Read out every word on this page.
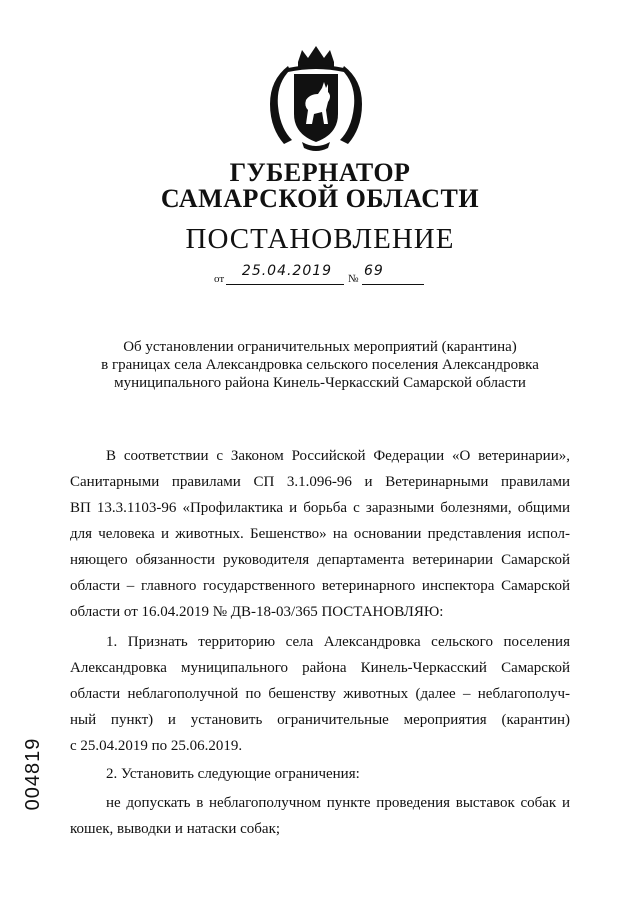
ГУБЕРНАТОР
САМАРСКОЙ ОБЛАСТИ
ПОСТАНОВЛЕНИЕ
от	25.04.2019	№ 69
Об установлении ограничительных мероприятий (карантина)
в границах села Александровка сельского поселения Александровка
муниципального района Кинель-Черкасский Самарской области
В соответствии с Законом Российской Федерации «О ветеринарии»,
Санитарными правилами СП 3.1.096-96 и Ветеринарными правилами
ВП 13.3.1103-96 «Профилактика и борьба с заразными болезнями, общими
для человека и животных. Бешенство» на основании представления испол-
няющего обязанности руководителя департамента ветеринарии Самарской
области – главного государственного ветеринарного инспектора Самарской
области от 16.04.2019 № ДВ-18-03/365 ПОСТАНОВЛЯЮ:
1. Признать территорию села Александровка сельского поселения
Александровка муниципального района Кинель-Черкасский Самарской
области неблагополучной по бешенству животных (далее – неблагополуч-
ный пункт) и установить ограничительные мероприятия (карантин)
с 25.04.2019 по 25.06.2019.
2. Установить следующие ограничения:
не допускать в неблагополучном пункте проведения выставок собак и
кошек, выводки и натаски собак;
004819
